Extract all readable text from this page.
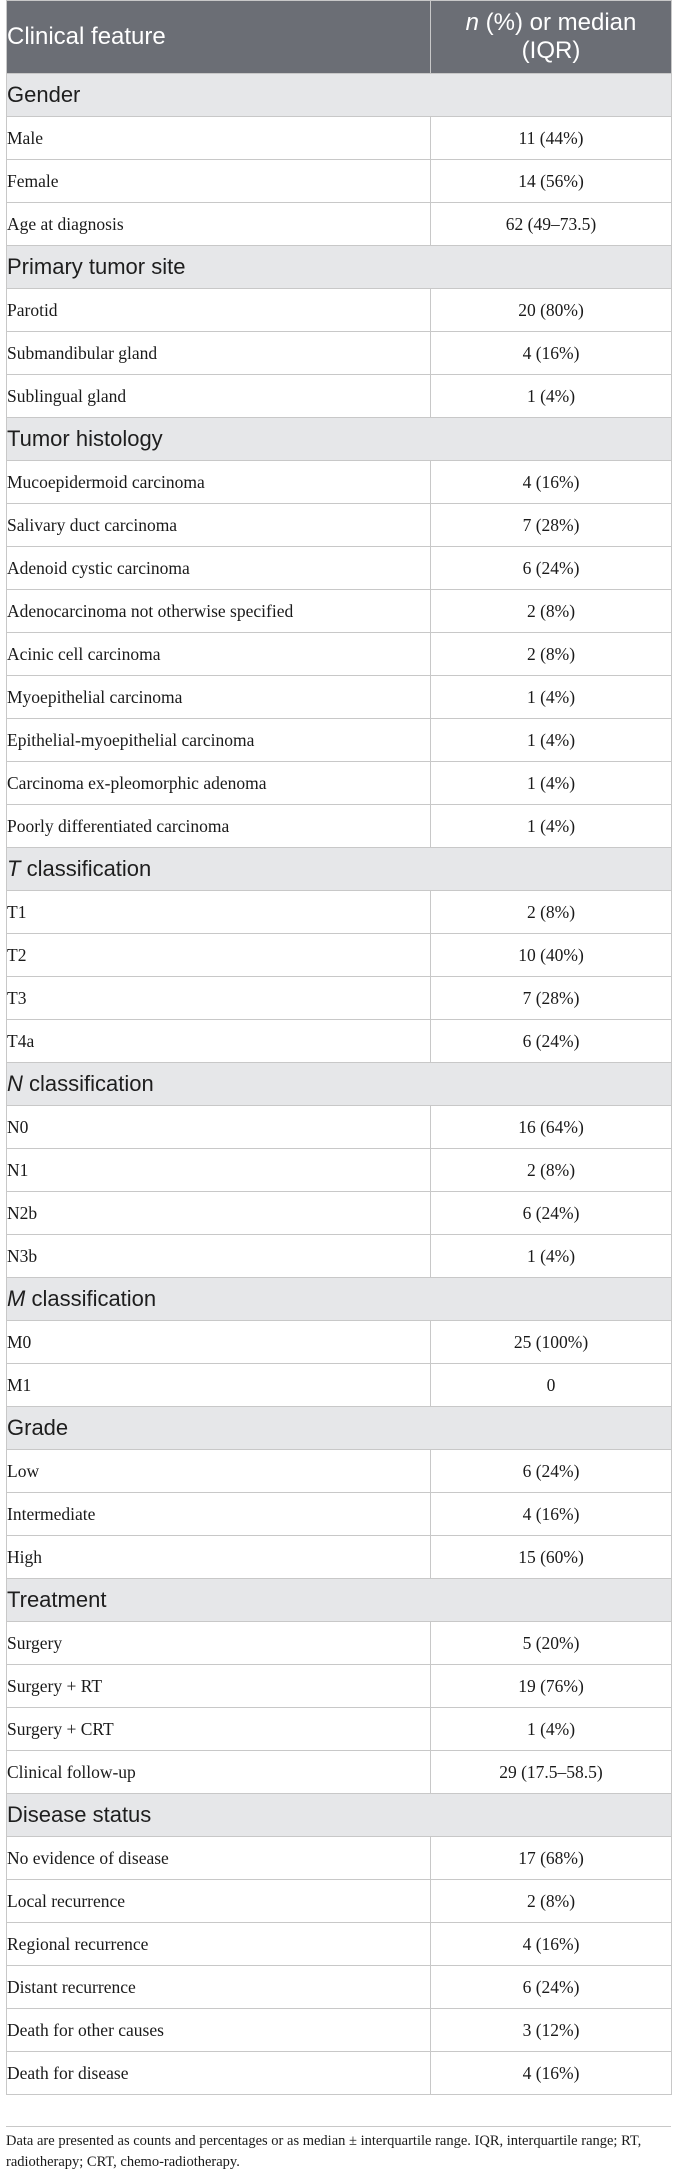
Clinical feature	n (%) or median
(IQR)
Gender	
Male	11 (44%)
Female	14 (56%)
Age at diagnosis	62 (49–73.5)
Primary tumor site	
Parotid	20 (80%)
Submandibular gland	4 (16%)
Sublingual gland	1 (4%)
Tumor histology	
Mucoepidermoid carcinoma	4 (16%)
Salivary duct carcinoma	7 (28%)
Adenoid cystic carcinoma	6 (24%)
Adenocarcinoma not otherwise specified	2 (8%)
Acinic cell carcinoma	2 (8%)
Myoepithelial carcinoma	1 (4%)
Epithelial-myoepithelial carcinoma	1 (4%)
Carcinoma ex-pleomorphic adenoma	1 (4%)
Poorly differentiated carcinoma	1 (4%)
T classification	
T1	2 (8%)
T2	10 (40%)
T3	7 (28%)
T4a	6 (24%)
N classification	
N0	16 (64%)
N1	2 (8%)
N2b	6 (24%)
N3b	1 (4%)
M classification	
M0	25 (100%)
M1	0
Grade	
Low	6 (24%)
Intermediate	4 (16%)
High	15 (60%)
Treatment	
Surgery	5 (20%)
Surgery + RT	19 (76%)
Surgery + CRT	1 (4%)
Clinical follow-up	29 (17.5–58.5)
Disease status	
No evidence of disease	17 (68%)
Local recurrence	2 (8%)
Regional recurrence	4 (16%)
Distant recurrence	6 (24%)
Death for other causes	3 (12%)
Death for disease	4 (16%)

Data are presented as counts and percentages or as median ± interquartile range. IQR, interquartile range; RT, radiotherapy; CRT, chemo-radiotherapy.
